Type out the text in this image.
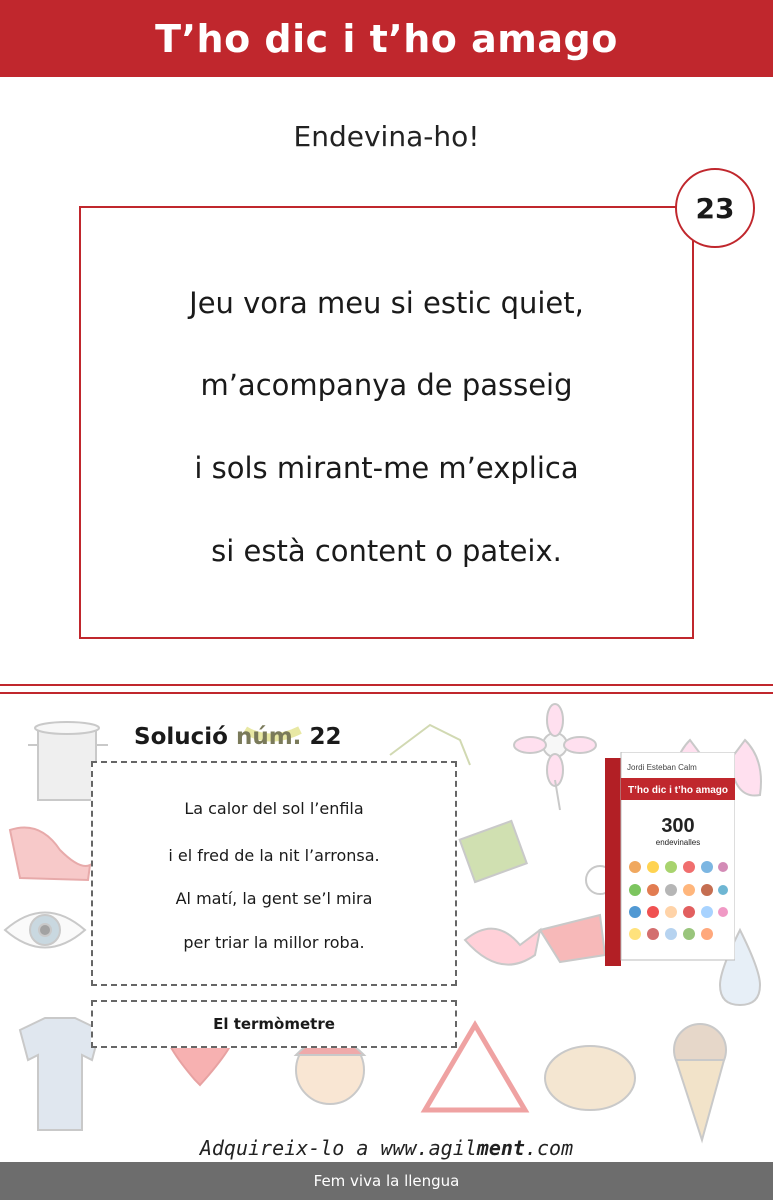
T’ho dic i t’ho amago
Endevina-ho!
Jeu vora meu si estic quiet,
m’acompanya de passeig
i sols mirant-me m’explica
si està content o pateix.
23
Solució núm. 22
La calor del sol l’enfila
i el fred de la nit l’arronsa.
Al matí, la gent se’l mira
per triar la millor roba.
El termòmetre
Jordi Esteban Calm
T’ho dic i t’ho amago
300
endevinalles
Adquireix-lo a www.agilment.com
Fem viva la llengua
